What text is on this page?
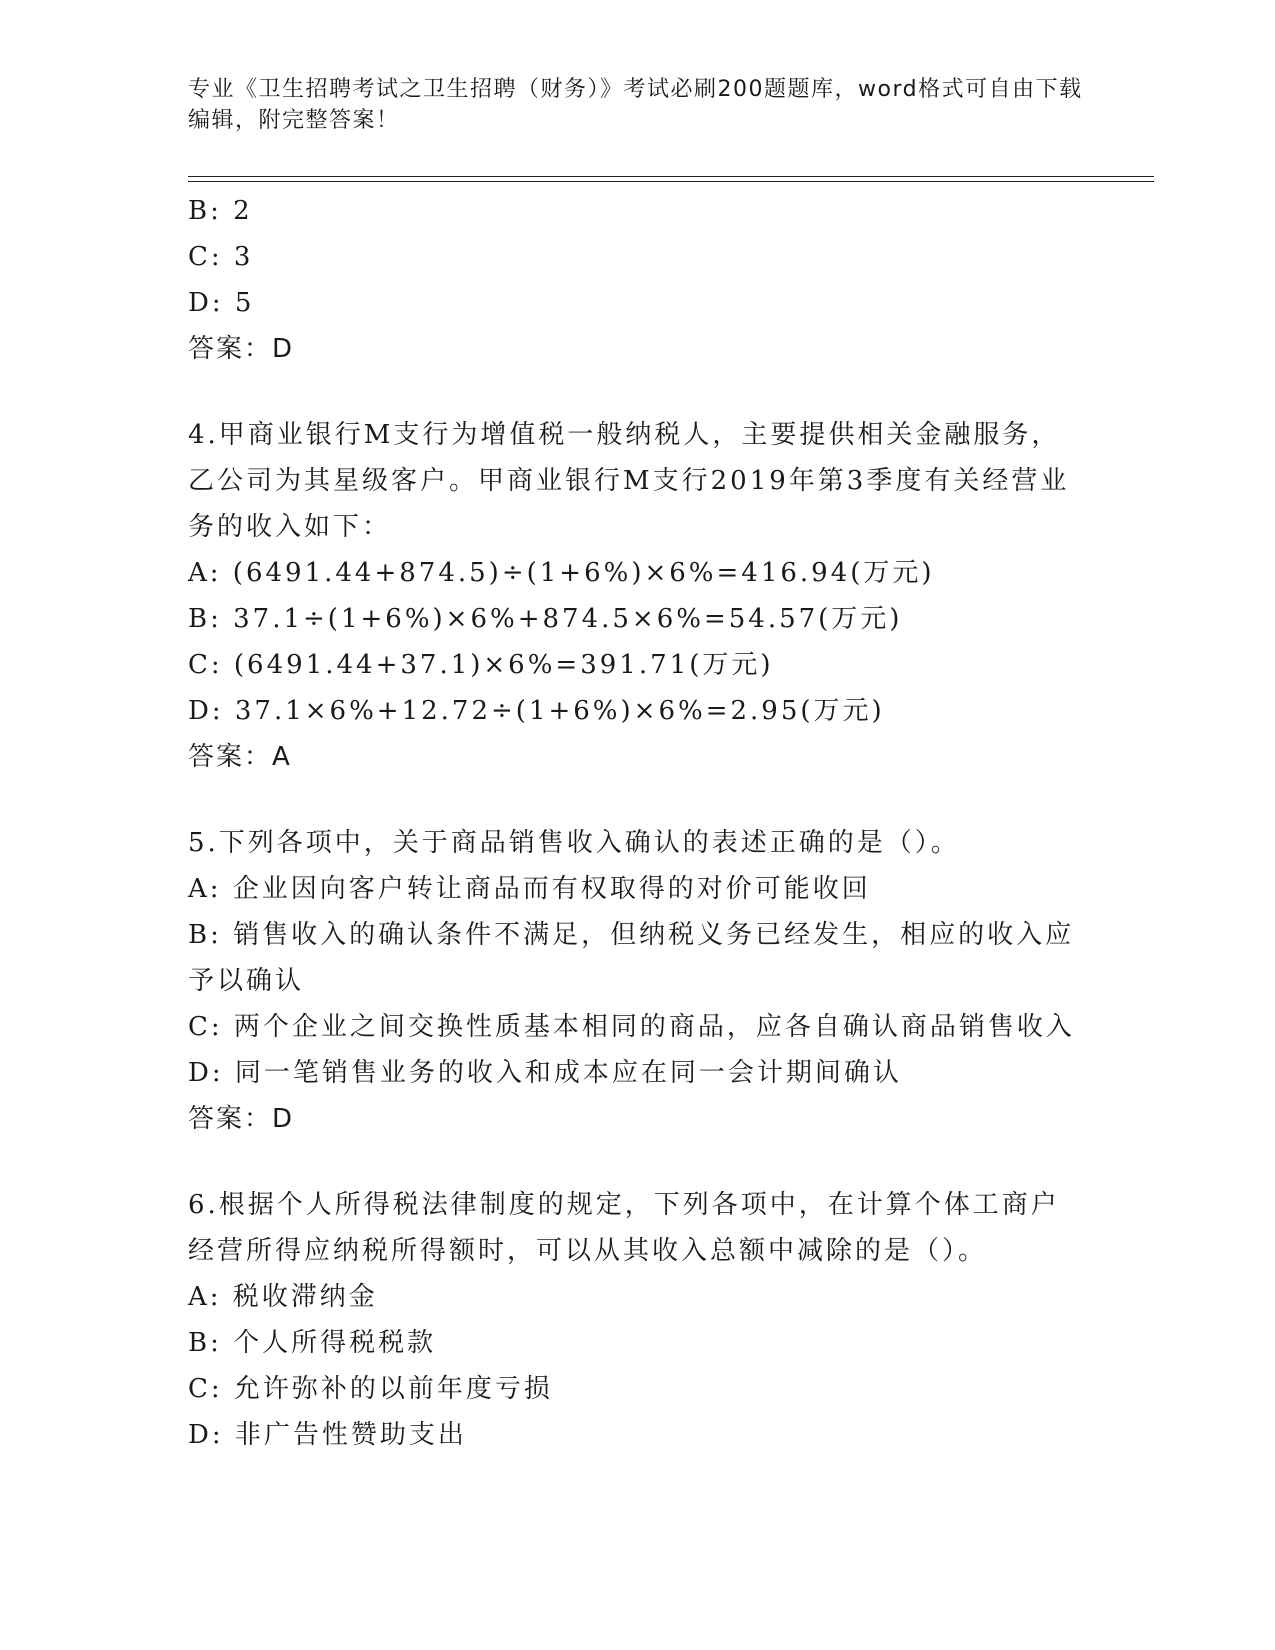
专业《卫生招聘考试之卫生招聘（财务）》考试必刷200题题库，word格式可自由下载编辑，附完整答案！
B: 2
C: 3
D: 5
答案：D
4.甲商业银行M支行为增值税一般纳税人，主要提供相关金融服务，乙公司为其星级客户。甲商业银行M支行2019年第3季度有关经营业务的收入如下：
A: (6491.44+874.5)÷(1+6%)×6%=416.94(万元)
B: 37.1÷(1+6%)×6%+874.5×6%=54.57(万元)
C: (6491.44+37.1)×6%=391.71(万元)
D: 37.1×6%+12.72÷(1+6%)×6%=2.95(万元)
答案：A
5.下列各项中，关于商品销售收入确认的表述正确的是（）。
A: 企业因向客户转让商品而有权取得的对价可能收回
B: 销售收入的确认条件不满足，但纳税义务已经发生，相应的收入应予以确认
C: 两个企业之间交换性质基本相同的商品，应各自确认商品销售收入
D: 同一笔销售业务的收入和成本应在同一会计期间确认
答案：D
6.根据个人所得税法律制度的规定，下列各项中，在计算个体工商户经营所得应纳税所得额时，可以从其收入总额中减除的是（）。
A: 税收滞纳金
B: 个人所得税税款
C: 允许弥补的以前年度亏损
D: 非广告性赞助支出
